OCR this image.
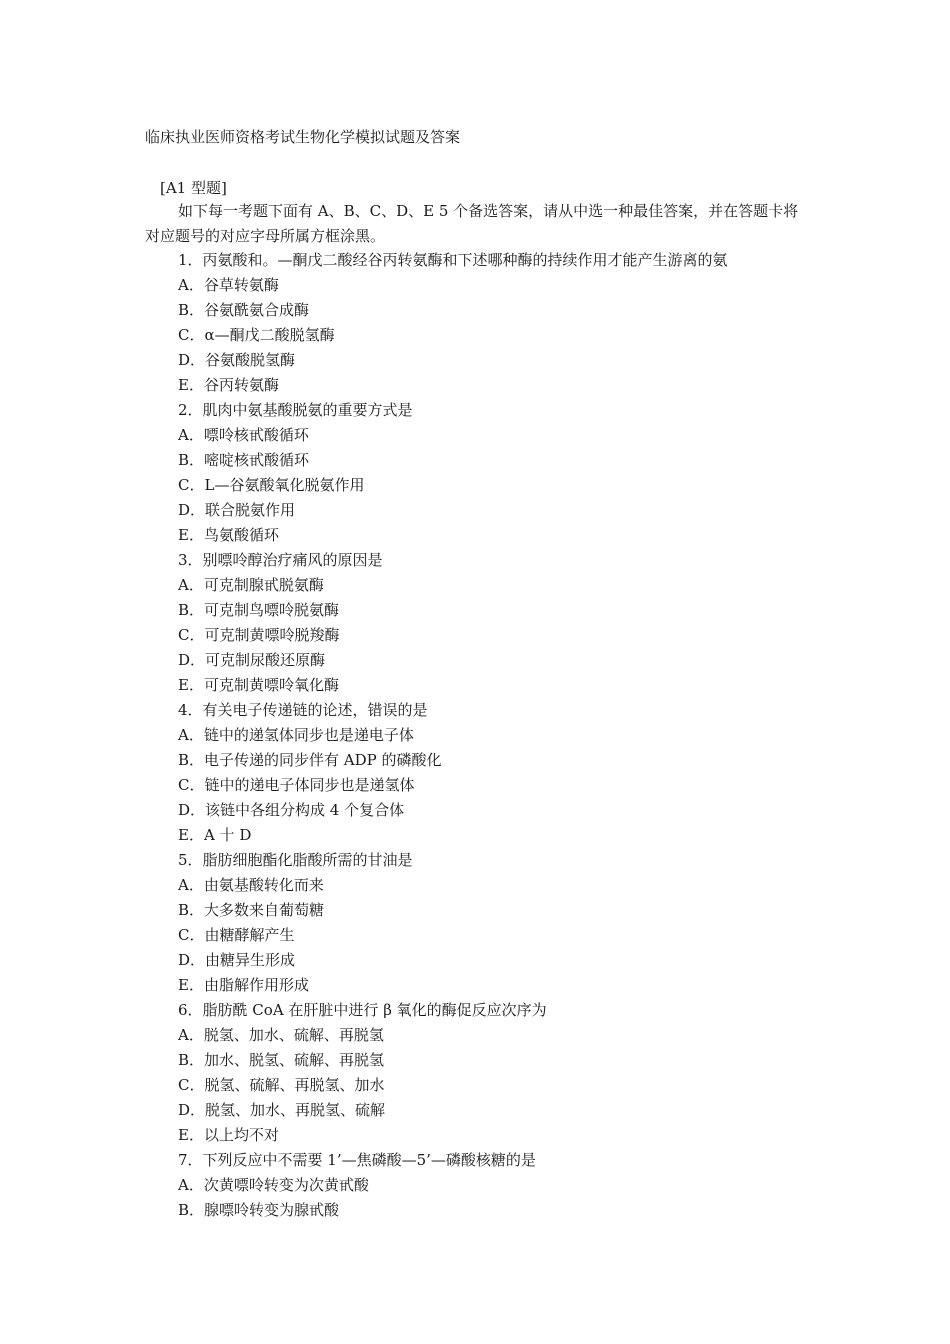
临床执业医师资格考试生物化学模拟试题及答案
[A1 型题]
如下每一考题下面有 A、B、C、D、E 5 个备选答案，请从中选一种最佳答案，并在答题卡将对应题号的对应字母所属方框涂黑。
1．丙氨酸和。—酮戊二酸经谷丙转氨酶和下述哪种酶的持续作用才能产生游离的氨
A．谷草转氨酶
B．谷氨酰氨合成酶
C．α—酮戊二酸脱氢酶
D．谷氨酸脱氢酶
E．谷丙转氨酶
2．肌肉中氨基酸脱氨的重要方式是
A．嘌呤核甙酸循环
B．嘧啶核甙酸循环
C．L—谷氨酸氧化脱氨作用
D．联合脱氨作用
E．鸟氨酸循环
3．别嘌呤醇治疗痛风的原因是
A．可克制腺甙脱氨酶
B．可克制鸟嘌呤脱氨酶
C．可克制黄嘌呤脱羧酶
D．可克制尿酸还原酶
E．可克制黄嘌呤氧化酶
4．有关电子传递链的论述，错误的是
A．链中的递氢体同步也是递电子体
B．电子传递的同步伴有 ADP 的磷酸化
C．链中的递电子体同步也是递氢体
D．该链中各组分构成 4 个复合体
E．A 十 D
5．脂肪细胞酯化脂酸所需的甘油是
A．由氨基酸转化而来
B．大多数来自葡萄糖
C．由糖酵解产生
D．由糖异生形成
E．由脂解作用形成
6．脂肪酰 CoA 在肝脏中进行 β 氧化的酶促反应次序为
A．脱氢、加水、硫解、再脱氢
B．加水、脱氢、硫解、再脱氢
C．脱氢、硫解、再脱氢、加水
D．脱氢、加水、再脱氢、硫解
E．以上均不对
7．下列反应中不需要 1’—焦磷酸—5’—磷酸核糖的是
A．次黄嘌呤转变为次黄甙酸
B．腺嘌呤转变为腺甙酸
